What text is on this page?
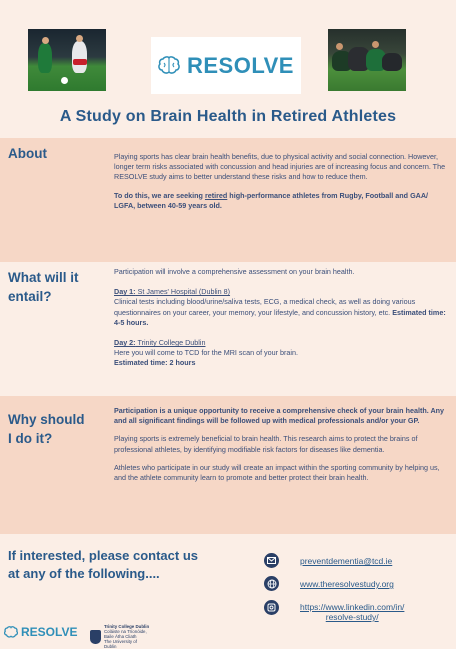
RESOLVE
A Study on Brain Health in Retired Athletes
About	Playing sports has clear brain health benefits, due to physical activity and social connection. However, longer term risks associated with concussion and head injuries are of increasing focus and concern. The RESOLVE study aims to better understand these risks and how to reduce them.

To do this, we are seeking retired high-performance athletes from Rugby, Football and GAA/ LGFA, between 40-59 years old.

What will it
entail?

Participation will involve a comprehensive assessment on your brain health.

Day 1: St James' Hospital (Dublin 8)
Clinical tests including blood/urine/saliva tests, ECG, a medical check, as well as doing various questionnaires on your career, your memory, your lifestyle, and concussion history, etc. Estimated time: 4-5 hours.

Day 2: Trinity College Dublin
Here you will come to TCD for the MRI scan of your brain.
Estimated time: 2 hours

Why should
I do it?

Participation is a unique opportunity to receive a comprehensive check of your brain health. Any and all significant findings will be followed up with medical professionals and/or your GP.

Playing sports is extremely beneficial to brain health. This research aims to protect the brains of professional athletes, by identifying modifiable risk factors for diseases like dementia.

Athletes who participate in our study will create an impact within the sporting community by helping us, and the athlete community learn to promote and better protect their brain health.

If interested, please contact us at any of the following....
preventdementia@tcd.ie
www.theresolvestudy.org
https://www.linkedin.com/in/
resolve-study/
RESOLVE	Trinity College Dublin
Coláiste na Tríonóide, Baile Átha Cliath
The University of Dublin
